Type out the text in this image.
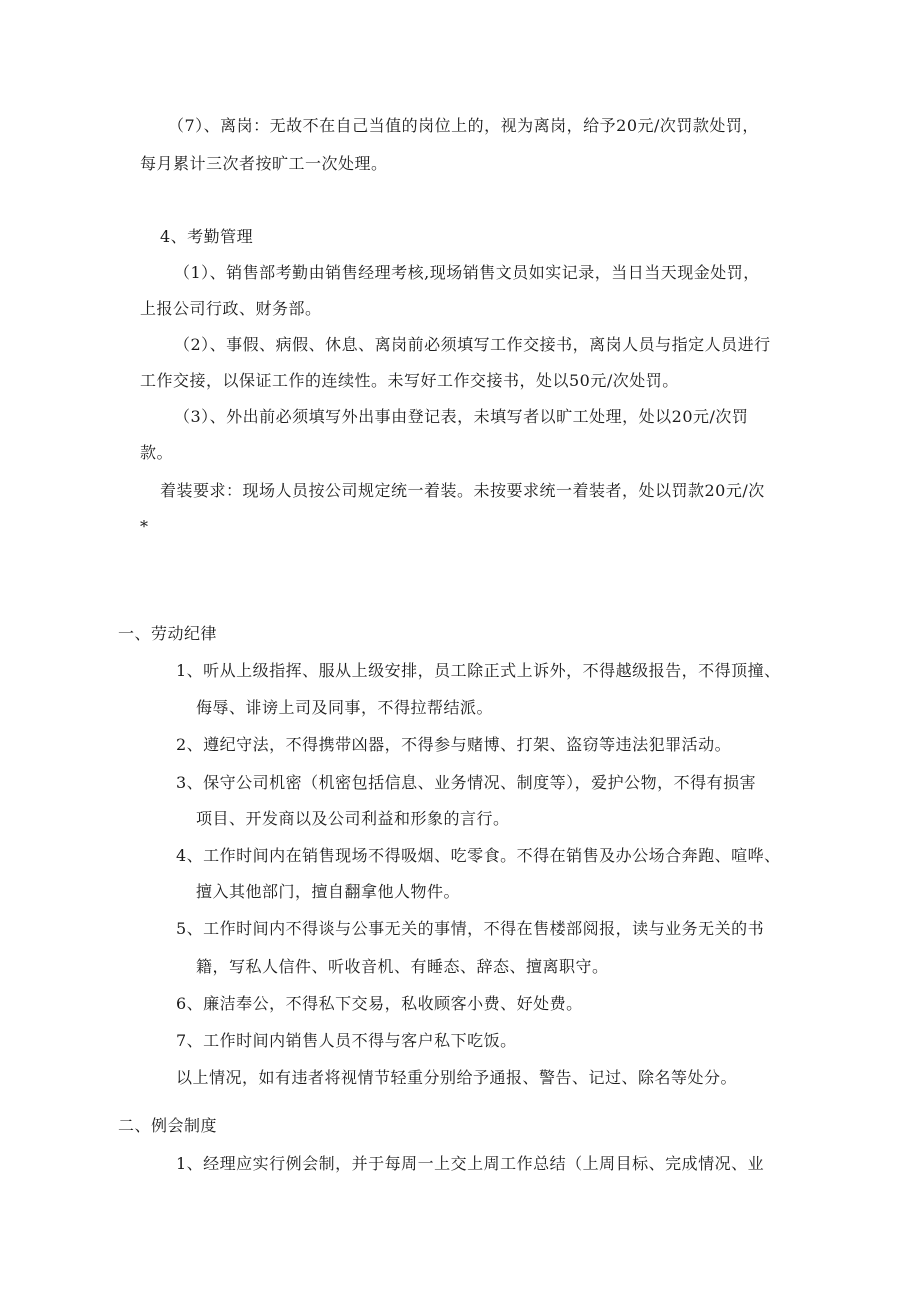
（7）、离岗：无故不在自己当值的岗位上的，视为离岗，给予20元/次罚款处罚，
每月累计三次者按旷工一次处理。
4、考勤管理
（1）、销售部考勤由销售经理考核,现场销售文员如实记录，当日当天现金处罚，
上报公司行政、财务部。
（2）、事假、病假、休息、离岗前必须填写工作交接书，离岗人员与指定人员进行
工作交接，以保证工作的连续性。未写好工作交接书，处以50元/次处罚。
（3）、外出前必须填写外出事由登记表，未填写者以旷工处理，处以20元/次罚
款。
着装要求：现场人员按公司规定统一着装。未按要求统一着装者，处以罚款20元/次
*
一、劳动纪律
1、听从上级指挥、服从上级安排，员工除正式上诉外，不得越级报告，不得顶撞、
侮辱、诽谤上司及同事，不得拉帮结派。
2、遵纪守法，不得携带凶器，不得参与赌博、打架、盗窃等违法犯罪活动。
3、保守公司机密（机密包括信息、业务情况、制度等），爱护公物，不得有损害
项目、开发商以及公司利益和形象的言行。
4、工作时间内在销售现场不得吸烟、吃零食。不得在销售及办公场合奔跑、喧哗、
擅入其他部门，擅自翻拿他人物件。
5、工作时间内不得谈与公事无关的事情，不得在售楼部阅报，读与业务无关的书
籍，写私人信件、听收音机、有睡态、辞态、擅离职守。
6、廉洁奉公，不得私下交易，私收顾客小费、好处费。
7、工作时间内销售人员不得与客户私下吃饭。
以上情况，如有违者将视情节轻重分别给予通报、警告、记过、除名等处分。
二、例会制度
1、经理应实行例会制，并于每周一上交上周工作总结（上周目标、完成情况、业
